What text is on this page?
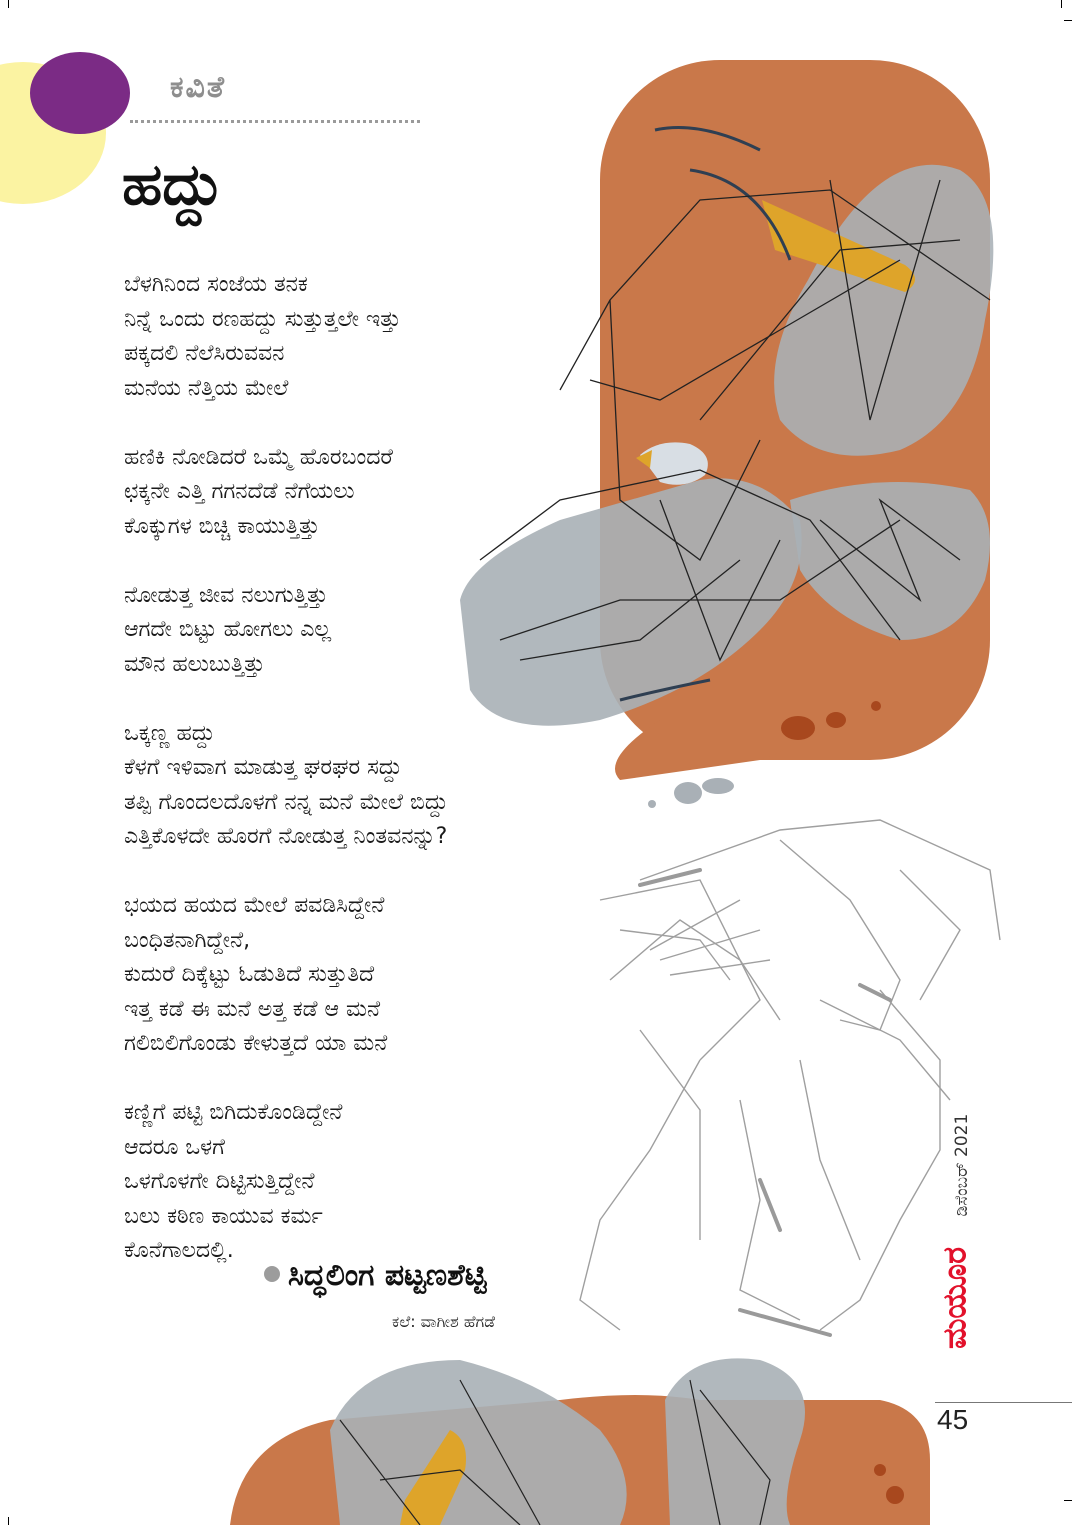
ಕವಿತೆ
ಹದ್ದು
ಬೆಳಗಿನಿಂದ ಸಂಜೆಯ ತನಕ
ನಿನ್ನೆ ಒಂದು ರಣಹದ್ದು ಸುತ್ತುತ್ತಲೇ ಇತ್ತು
ಪಕ್ಕದಲಿ ನೆಲೆಸಿರುವವನ
ಮನೆಯ ನೆತ್ತಿಯ ಮೇಲೆ
ಹಣಿಕಿ ನೋಡಿದರೆ ಒಮ್ಮೆ ಹೊರಬಂದರೆ
ಛಕ್ಕನೇ ಎತ್ತಿ ಗಗನದೆಡೆ ನೆಗೆಯಲು
ಕೊಕ್ಕುಗಳ ಬಿಚ್ಚಿ ಕಾಯುತ್ತಿತ್ತು
ನೋಡುತ್ತ ಜೀವ ನಲುಗುತ್ತಿತ್ತು
ಆಗದೇ ಬಿಟ್ಟು ಹೋಗಲು ಎಲ್ಲ
ಮೌನ ಹಲುಬುತ್ತಿತ್ತು
ಒಕ್ಕಣ್ಣ ಹದ್ದು
ಕೆಳಗೆ ಇಳಿವಾಗ ಮಾಡುತ್ತ ಘರಘರ ಸದ್ದು
ತಪ್ಪಿ ಗೊಂದಲದೊಳಗೆ ನನ್ನ ಮನೆ ಮೇಲೆ ಬಿದ್ದು
ಎತ್ತಿಕೊಳದೇ ಹೊರಗೆ ನೋಡುತ್ತ ನಿಂತವನನ್ನು?
ಭಯದ ಹಯದ ಮೇಲೆ ಪವಡಿಸಿದ್ದೇನೆ
ಬಂಧಿತನಾಗಿದ್ದೇನೆ,
ಕುದುರೆ ದಿಕ್ಕೆಟ್ಟು ಓಡುತಿದೆ ಸುತ್ತುತಿದೆ
ಇತ್ತ ಕಡೆ ಈ ಮನೆ ಅತ್ತ ಕಡೆ ಆ ಮನೆ
ಗಲಿಬಿಲಿಗೊಂಡು ಕೇಳುತ್ತದೆ ಯಾ ಮನೆ
ಕಣ್ಣಿಗೆ ಪಟ್ಟಿ ಬಿಗಿದುಕೊಂಡಿದ್ದೇನೆ
ಆದರೂ ಒಳಗೆ
ಒಳಗೊಳಗೇ ದಿಟ್ಟಿಸುತ್ತಿದ್ದೇನೆ
ಬಲು ಕಠಿಣ ಕಾಯುವ ಕರ್ಮ
ಕೊನೆಗಾಲದಲ್ಲಿ.
ಸಿದ್ಧಲಿಂಗ ಪಟ್ಟಣಶೆಟ್ಟಿ
ಕಲೆ: ವಾಗೀಶ ಹೆಗಡೆ
ಡಿಸೆಂಬರ್ 2021
ಮಯೂರ
45
